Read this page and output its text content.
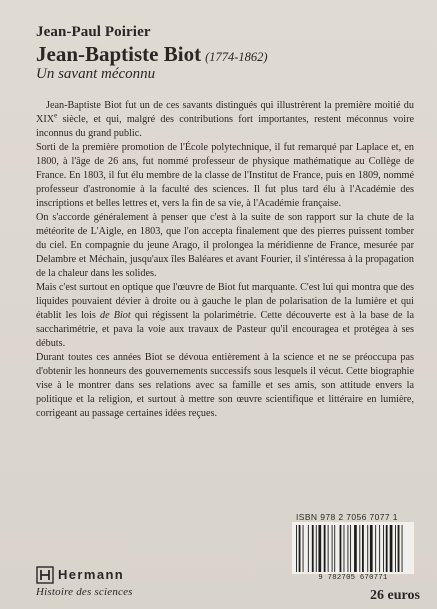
Jean-Paul Poirier
Jean-Baptiste Biot (1774-1862)
Un savant méconnu

Jean-Baptiste Biot fut un de ces savants distingués qui illustrèrent la première moitié du XIXe siècle, et qui, malgré des contributions fort importantes, restent méconnus voire inconnus du grand public.

Sorti de la première promotion de l'École polytechnique, il fut remarqué par Laplace et, en 1800, à l'âge de 26 ans, fut nommé professeur de physique mathématique au Collège de France. En 1803, il fut élu membre de la classe de l'Institut de France, puis en 1809, nommé professeur d'astronomie à la faculté des sciences. Il fut plus tard élu à l'Académie des inscriptions et belles lettres et, vers la fin de sa vie, à l'Académie française.

On s'accorde généralement à penser que c'est à la suite de son rapport sur la chute de la météorite de L'Aigle, en 1803, que l'on accepta finalement que des pierres puissent tomber du ciel. En compagnie du jeune Arago, il prolongea la méridienne de France, mesurée par Delambre et Méchain, jusqu'aux îles Baléares et avant Fourier, il s'intéressa à la propagation de la chaleur dans les solides.

Mais c'est surtout en optique que l'œuvre de Biot fut marquante. C'est lui qui montra que des liquides pouvaient dévier à droite ou à gauche le plan de polarisation de la lumière et qui établit les lois de Biot qui régissent la polarimétrie. Cette découverte est à la base de la saccharimétrie, et pava la voie aux travaux de Pasteur qu'il encouragea et protégea à ses débuts.

Durant toutes ces années Biot se dévoua entièrement à la science et ne se préoccupa pas d'obtenir les honneurs des gouvernements successifs sous lesquels il vécut. Cette biographie vise à le montrer dans ses relations avec sa famille et ses amis, son attitude envers la politique et la religion, et surtout à mettre son œuvre scientifique et littéraire en lumière, corrigeant au passage certaines idées reçues.

ISBN 978 2 7056 7077 1
9 782705 670771
26 euros
Hermann
Histoire des sciences
